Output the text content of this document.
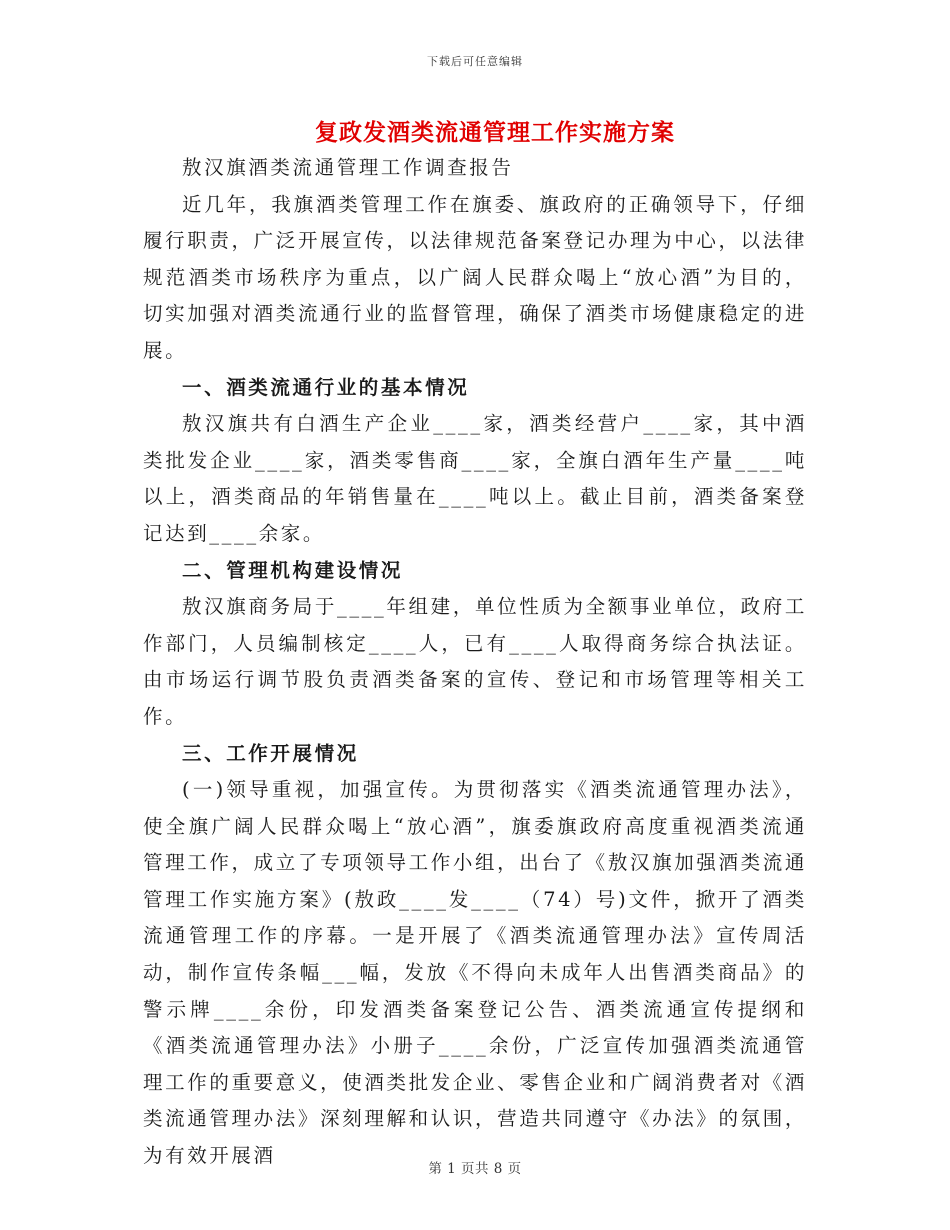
下载后可任意编辑
复政发酒类流通管理工作实施方案

敖汉旗酒类流通管理工作调查报告

近几年，我旗酒类管理工作在旗委、旗政府的正确领导下，仔细履行职责，广泛开展宣传，以法律规范备案登记办理为中心，以法律规范酒类市场秩序为重点，以广阔人民群众喝上“放心酒”为目的，切实加强对酒类流通行业的监督管理，确保了酒类市场健康稳定的进展。

一、酒类流通行业的基本情况

敖汉旗共有白酒生产企业____家，酒类经营户____家，其中酒类批发企业____家，酒类零售商____家，全旗白酒年生产量____吨以上，酒类商品的年销售量在____吨以上。截止目前，酒类备案登记达到____余家。

二、管理机构建设情况

敖汉旗商务局于____年组建，单位性质为全额事业单位，政府工作部门，人员编制核定____人，已有____人取得商务综合执法证。由市场运行调节股负责酒类备案的宣传、登记和市场管理等相关工作。

三、工作开展情况

(一)领导重视，加强宣传。为贯彻落实《酒类流通管理办法》，使全旗广阔人民群众喝上“放心酒”，旗委旗政府高度重视酒类流通管理工作，成立了专项领导工作小组，出台了《敖汉旗加强酒类流通管理工作实施方案》(敖政____发____（74）号)文件，掀开了酒类流通管理工作的序幕。一是开展了《酒类流通管理办法》宣传周活动，制作宣传条幅___幅，发放《不得向未成年人出售酒类商品》的警示牌____余份，印发酒类备案登记公告、酒类流通宣传提纲和《酒类流通管理办法》小册子____余份，广泛宣传加强酒类流通管理工作的重要意义，使酒类批发企业、零售企业和广阔消费者对《酒类流通管理办法》深刻理解和认识，营造共同遵守《办法》的氛围，为有效开展酒

第 1 页共 8 页
